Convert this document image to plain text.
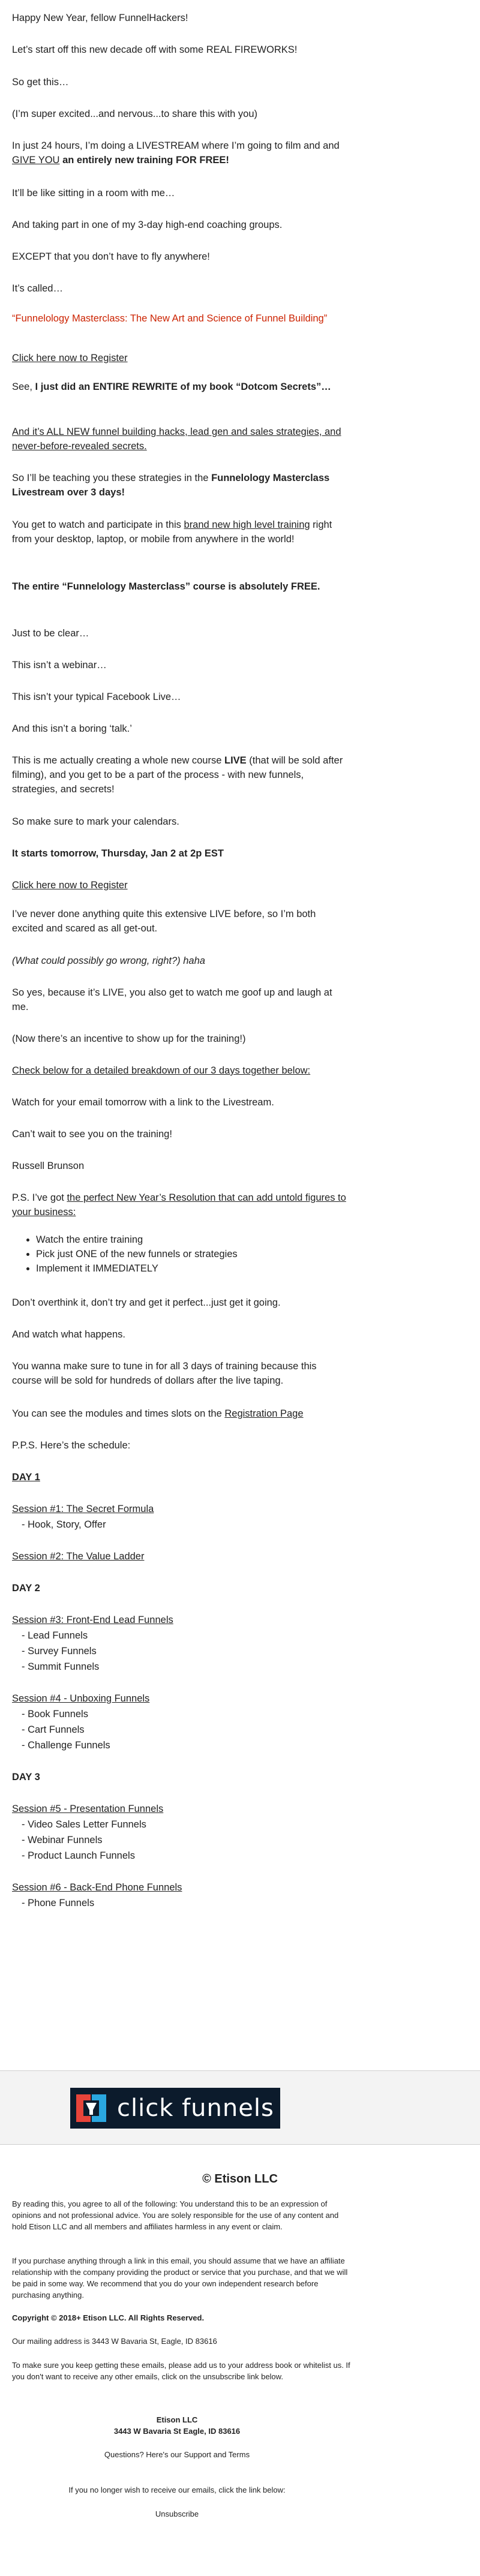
Happy New Year, fellow FunnelHackers!

Let’s start off this new decade off with some REAL FIREWORKS!

So get this…

(I’m super excited...and nervous...to share this with you)

In just 24 hours, I’m doing a LIVESTREAM where I’m going to film and and GIVE YOU an entirely new training FOR FREE!

It’ll be like sitting in a room with me…

And taking part in one of my 3-day high-end coaching groups.

EXCEPT that you don’t have to fly anywhere!

It’s called…

“Funnelology Masterclass: The New Art and Science of Funnel Building”

Click here now to Register

See, I just did an ENTIRE REWRITE of my book “Dotcom Secrets”…

And it’s ALL NEW funnel building hacks, lead gen and sales strategies, and never-before-revealed secrets.

So I’ll be teaching you these strategies in the Funnelology Masterclass Livestream over 3 days!

You get to watch and participate in this brand new high level training right from your desktop, laptop, or mobile from anywhere in the world!

The entire “Funnelology Masterclass” course is absolutely FREE.

Just to be clear…

This isn’t a webinar…

This isn’t your typical Facebook Live…

And this isn’t a boring ‘talk.’

This is me actually creating a whole new course LIVE (that will be sold after filming), and you get to be a part of the process - with new funnels, strategies, and secrets!

So make sure to mark your calendars.

It starts tomorrow, Thursday, Jan 2 at 2p EST

Click here now to Register

I’ve never done anything quite this extensive LIVE before, so I’m both excited and scared as all get-out.

(What could possibly go wrong, right?) haha

So yes, because it’s LIVE, you also get to watch me goof up and laugh at me.

(Now there’s an incentive to show up for the training!)

Check below for a detailed breakdown of our 3 days together below:

Watch for your email tomorrow with a link to the Livestream.

Can’t wait to see you on the training!

Russell Brunson

P.S. I’ve got the perfect New Year’s Resolution that can add untold figures to your business:

• Watch the entire training
• Pick just ONE of the new funnels or strategies
• Implement it IMMEDIATELY

Don’t overthink it, don’t try and get it perfect...just get it going.

And watch what happens.

You wanna make sure to tune in for all 3 days of training because this course will be sold for hundreds of dollars after the live taping.

You can see the modules and times slots on the Registration Page

P.P.S. Here’s the schedule:

DAY 1

Session #1: The Secret Formula

- Hook, Story, Offer

Session #2: The Value Ladder

DAY 2

Session #3: Front-End Lead Funnels

- Lead Funnels

- Survey Funnels

- Summit Funnels

Session #4 - Unboxing Funnels

- Book Funnels

- Cart Funnels

- Challenge Funnels

DAY 3

Session #5 - Presentation Funnels

- Video Sales Letter Funnels

- Webinar Funnels

- Product Launch Funnels

Session #6 - Back-End Phone Funnels

- Phone Funnels

click funnels
© Etison LLC

By reading this, you agree to all of the following: You understand this to be an expression of opinions and not professional advice. You are solely responsible for the use of any content and hold Etison LLC and all members and affiliates harmless in any event or claim.

If you purchase anything through a link in this email, you should assume that we have an affiliate relationship with the company providing the product or service that you purchase, and that we will be paid in some way. We recommend that you do your own independent research before purchasing anything.

Copyright © 2018+ Etison LLC. All Rights Reserved.

Our mailing address is 3443 W Bavaria St, Eagle, ID 83616

To make sure you keep getting these emails, please add us to your address book or whitelist us. If you don't want to receive any other emails, click on the unsubscribe link below.

Etison LLC

3443 W Bavaria St Eagle, ID 83616

Questions? Here's our Support and Terms

If you no longer wish to receive our emails, click the link below:

Unsubscribe
